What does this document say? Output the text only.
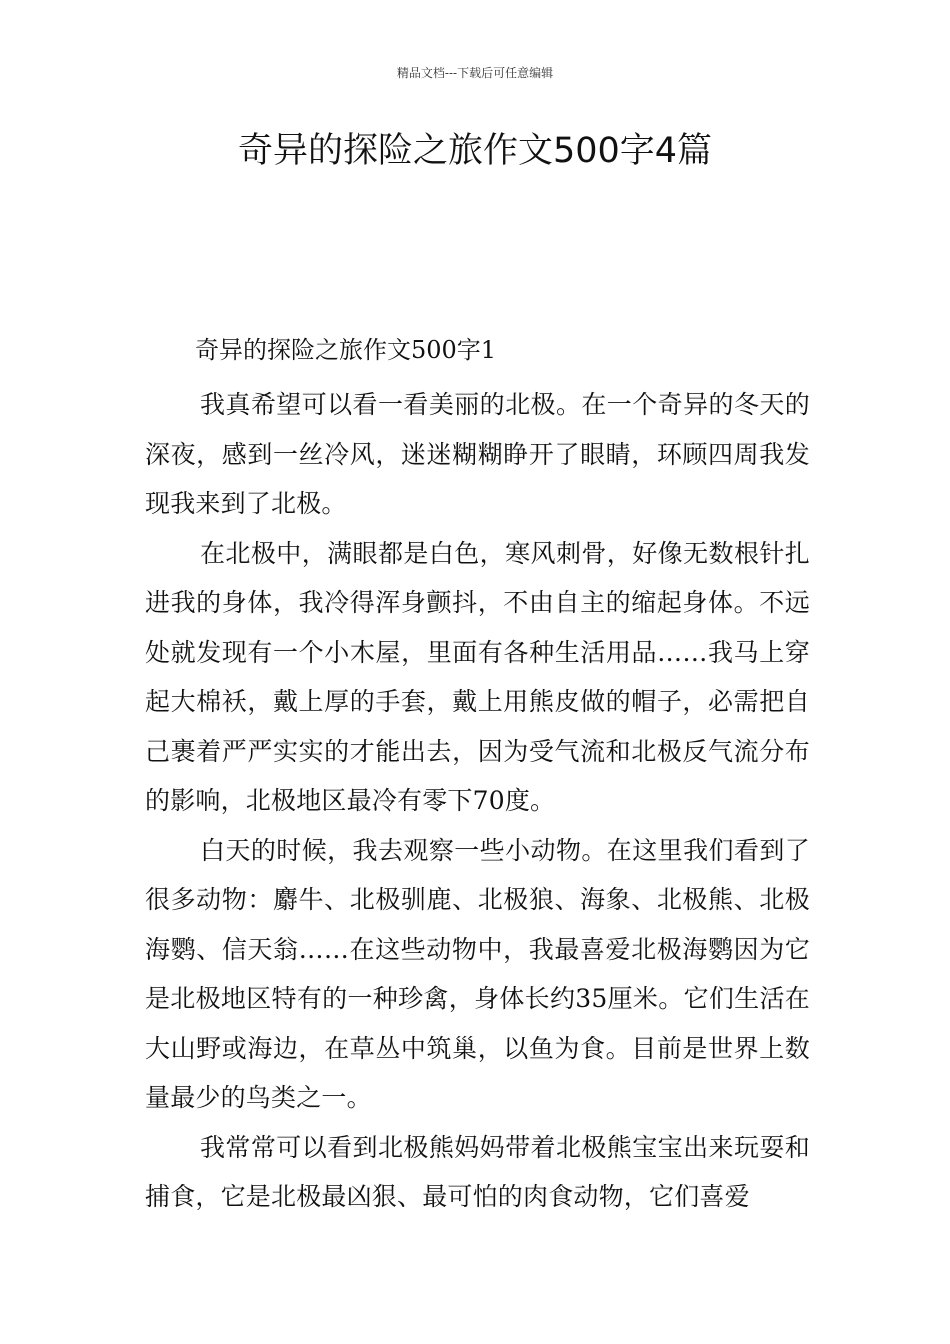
精品文档---下载后可任意编辑
奇异的探险之旅作文500字4篇

奇异的探险之旅作文500字1

我真希望可以看一看美丽的北极。在一个奇异的冬天的深夜，感到一丝冷风，迷迷糊糊睁开了眼睛，环顾四周我发现我来到了北极。

在北极中，满眼都是白色，寒风刺骨，好像无数根针扎进我的身体，我冷得浑身颤抖，不由自主的缩起身体。不远处就发现有一个小木屋，里面有各种生活用品……我马上穿起大棉袄，戴上厚的手套，戴上用熊皮做的帽子，必需把自己裹着严严实实的才能出去，因为受气流和北极反气流分布的影响，北极地区最冷有零下70度。

白天的时候，我去观察一些小动物。在这里我们看到了很多动物：麝牛、北极驯鹿、北极狼、海象、北极熊、北极海鹦、信天翁……在这些动物中，我最喜爱北极海鹦因为它是北极地区特有的一种珍禽，身体长约35厘米。它们生活在大山野或海边，在草丛中筑巢，以鱼为食。目前是世界上数量最少的鸟类之一。

我常常可以看到北极熊妈妈带着北极熊宝宝出来玩耍和捕食，它是北极最凶狠、最可怕的肉食动物，它们喜爱
